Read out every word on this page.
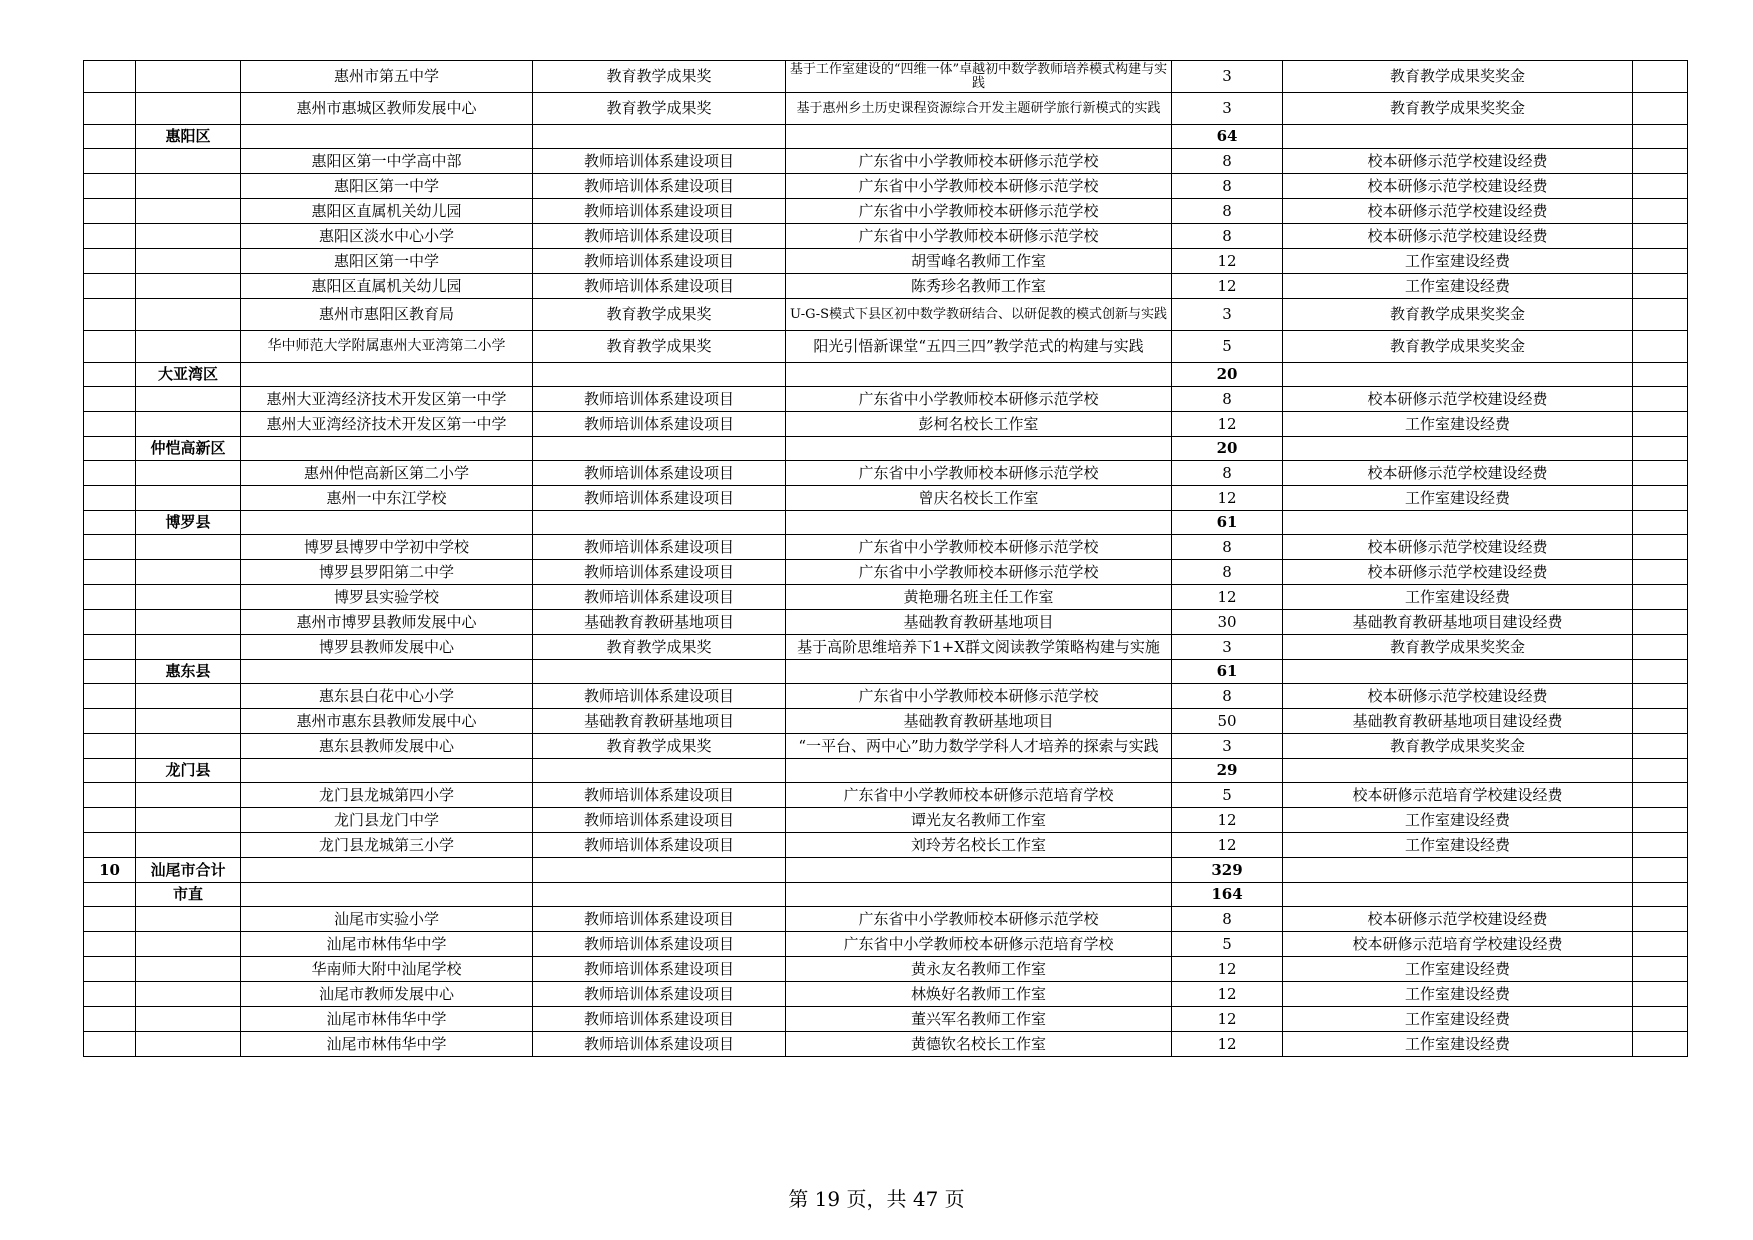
		惠州市第五中学	教育教学成果奖	基于工作室建设的“四维一体”卓越初中数学教师培养模式构建与实践	3	教育教学成果奖奖金	
		惠州市惠城区教师发展中心	教育教学成果奖	基于惠州乡土历史课程资源综合开发主题研学旅行新模式的实践	3	教育教学成果奖奖金	
	惠阳区				64		
		惠阳区第一中学高中部	教师培训体系建设项目	广东省中小学教师校本研修示范学校	8	校本研修示范学校建设经费	
		惠阳区第一中学	教师培训体系建设项目	广东省中小学教师校本研修示范学校	8	校本研修示范学校建设经费	
		惠阳区直属机关幼儿园	教师培训体系建设项目	广东省中小学教师校本研修示范学校	8	校本研修示范学校建设经费	
		惠阳区淡水中心小学	教师培训体系建设项目	广东省中小学教师校本研修示范学校	8	校本研修示范学校建设经费	
		惠阳区第一中学	教师培训体系建设项目	胡雪峰名教师工作室	12	工作室建设经费	
		惠阳区直属机关幼儿园	教师培训体系建设项目	陈秀珍名教师工作室	12	工作室建设经费	
		惠州市惠阳区教育局	教育教学成果奖	U-G-S模式下县区初中数学教研结合、以研促教的模式创新与实践	3	教育教学成果奖奖金	
		华中师范大学附属惠州大亚湾第二小学	教育教学成果奖	阳光引悟新课堂“五四三四”教学范式的构建与实践	5	教育教学成果奖奖金	
	大亚湾区				20		
		惠州大亚湾经济技术开发区第一中学	教师培训体系建设项目	广东省中小学教师校本研修示范学校	8	校本研修示范学校建设经费	
		惠州大亚湾经济技术开发区第一中学	教师培训体系建设项目	彭柯名校长工作室	12	工作室建设经费	
	仲恺高新区				20		
		惠州仲恺高新区第二小学	教师培训体系建设项目	广东省中小学教师校本研修示范学校	8	校本研修示范学校建设经费	
		惠州一中东江学校	教师培训体系建设项目	曾庆名校长工作室	12	工作室建设经费	
	博罗县				61		
		博罗县博罗中学初中学校	教师培训体系建设项目	广东省中小学教师校本研修示范学校	8	校本研修示范学校建设经费	
		博罗县罗阳第二中学	教师培训体系建设项目	广东省中小学教师校本研修示范学校	8	校本研修示范学校建设经费	
		博罗县实验学校	教师培训体系建设项目	黄艳珊名班主任工作室	12	工作室建设经费	
		惠州市博罗县教师发展中心	基础教育教研基地项目	基础教育教研基地项目	30	基础教育教研基地项目建设经费	
		博罗县教师发展中心	教育教学成果奖	基于高阶思维培养下1+X群文阅读教学策略构建与实施	3	教育教学成果奖奖金	
	惠东县				61		
		惠东县白花中心小学	教师培训体系建设项目	广东省中小学教师校本研修示范学校	8	校本研修示范学校建设经费	
		惠州市惠东县教师发展中心	基础教育教研基地项目	基础教育教研基地项目	50	基础教育教研基地项目建设经费	
		惠东县教师发展中心	教育教学成果奖	“一平台、两中心”助力数学学科人才培养的探索与实践	3	教育教学成果奖奖金	
	龙门县				29		
		龙门县龙城第四小学	教师培训体系建设项目	广东省中小学教师校本研修示范培育学校	5	校本研修示范培育学校建设经费	
		龙门县龙门中学	教师培训体系建设项目	谭光友名教师工作室	12	工作室建设经费	
		龙门县龙城第三小学	教师培训体系建设项目	刘玲芳名校长工作室	12	工作室建设经费	
10	汕尾市合计				329		
	市直				164		
		汕尾市实验小学	教师培训体系建设项目	广东省中小学教师校本研修示范学校	8	校本研修示范学校建设经费	
		汕尾市林伟华中学	教师培训体系建设项目	广东省中小学教师校本研修示范培育学校	5	校本研修示范培育学校建设经费	
		华南师大附中汕尾学校	教师培训体系建设项目	黄永友名教师工作室	12	工作室建设经费	
		汕尾市教师发展中心	教师培训体系建设项目	林焕好名教师工作室	12	工作室建设经费	
		汕尾市林伟华中学	教师培训体系建设项目	董兴军名教师工作室	12	工作室建设经费	
		汕尾市林伟华中学	教师培训体系建设项目	黄德钦名校长工作室	12	工作室建设经费	
第 19 页，共 47 页
